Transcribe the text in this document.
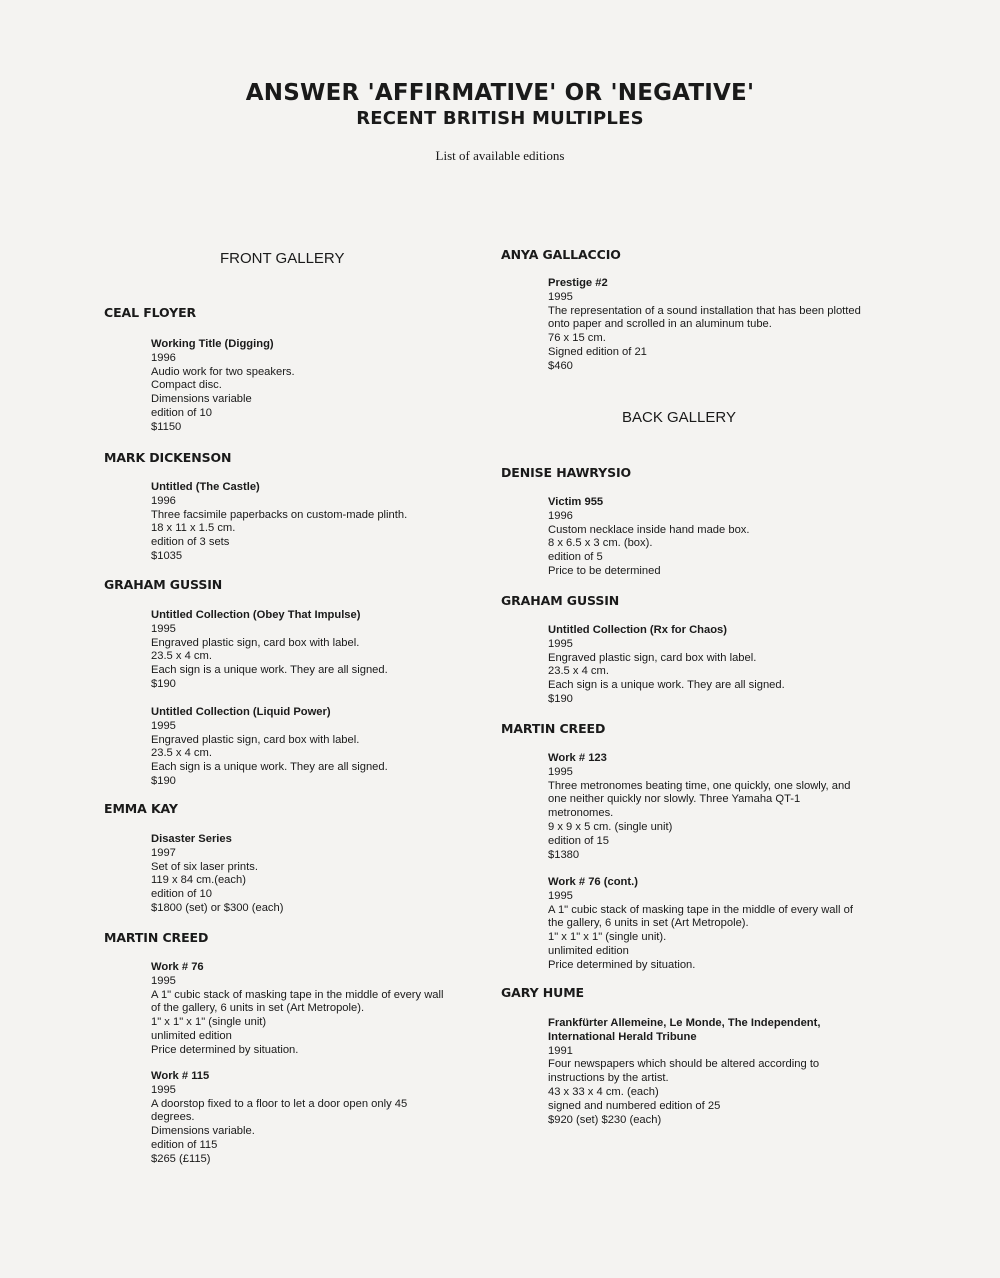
ANSWER 'AFFIRMATIVE' OR 'NEGATIVE'
RECENT BRITISH MULTIPLES
List of available editions
FRONT GALLERY
CEAL FLOYER
Working Title (Digging)
1996
Audio work for two speakers.
Compact disc.
Dimensions variable
edition of 10
$1150
MARK DICKENSON
Untitled (The Castle)
1996
Three facsimile paperbacks on custom-made plinth.
18 x 11 x 1.5 cm.
edition of 3 sets
$1035
GRAHAM GUSSIN
Untitled Collection (Obey That Impulse)
1995
Engraved plastic sign, card box with label.
23.5 x 4 cm.
Each sign is a unique work. They are all signed.
$190
Untitled Collection (Liquid Power)
1995
Engraved plastic sign, card box with label.
23.5 x 4 cm.
Each sign is a unique work. They are all signed.
$190
EMMA KAY
Disaster Series
1997
Set of six laser prints.
119 x 84 cm.(each)
edition of 10
$1800 (set) or $300 (each)
MARTIN CREED
Work # 76
1995
A 1" cubic stack of masking tape in the middle of every wall
of the gallery, 6 units in set (Art Metropole).
1" x 1" x 1" (single unit)
unlimited edition
Price determined by situation.
Work # 115
1995
A doorstop fixed to a floor to let a door open only 45
degrees.
Dimensions variable.
edition of 115
$265 (£115)
ANYA GALLACCIO
Prestige #2
1995
The representation of a sound installation that has been plotted
onto paper and scrolled in an aluminum tube.
76 x 15 cm.
Signed edition of 21
$460
BACK GALLERY
DENISE HAWRYSIO
Victim 955
1996
Custom necklace inside hand made box.
8 x 6.5 x 3 cm. (box).
edition of 5
Price to be determined
GRAHAM GUSSIN
Untitled Collection (Rx for Chaos)
1995
Engraved plastic sign, card box with label.
23.5 x 4 cm.
Each sign is a unique work. They are all signed.
$190
MARTIN CREED
Work # 123
1995
Three metronomes beating time, one quickly, one slowly, and
one neither quickly nor slowly. Three Yamaha QT-1
metronomes.
9 x 9 x 5 cm. (single unit)
edition of 15
$1380
Work # 76 (cont.)
1995
A 1" cubic stack of masking tape in the middle of every wall of
the gallery, 6 units in set (Art Metropole).
1" x 1" x 1" (single unit).
unlimited edition
Price determined by situation.
GARY HUME
Frankfürter Allemeine, Le Monde, The Independent,
International Herald Tribune
1991
Four newspapers which should be altered according to
instructions by the artist.
43 x 33 x 4 cm. (each)
signed and numbered edition of 25
$920 (set) $230 (each)
